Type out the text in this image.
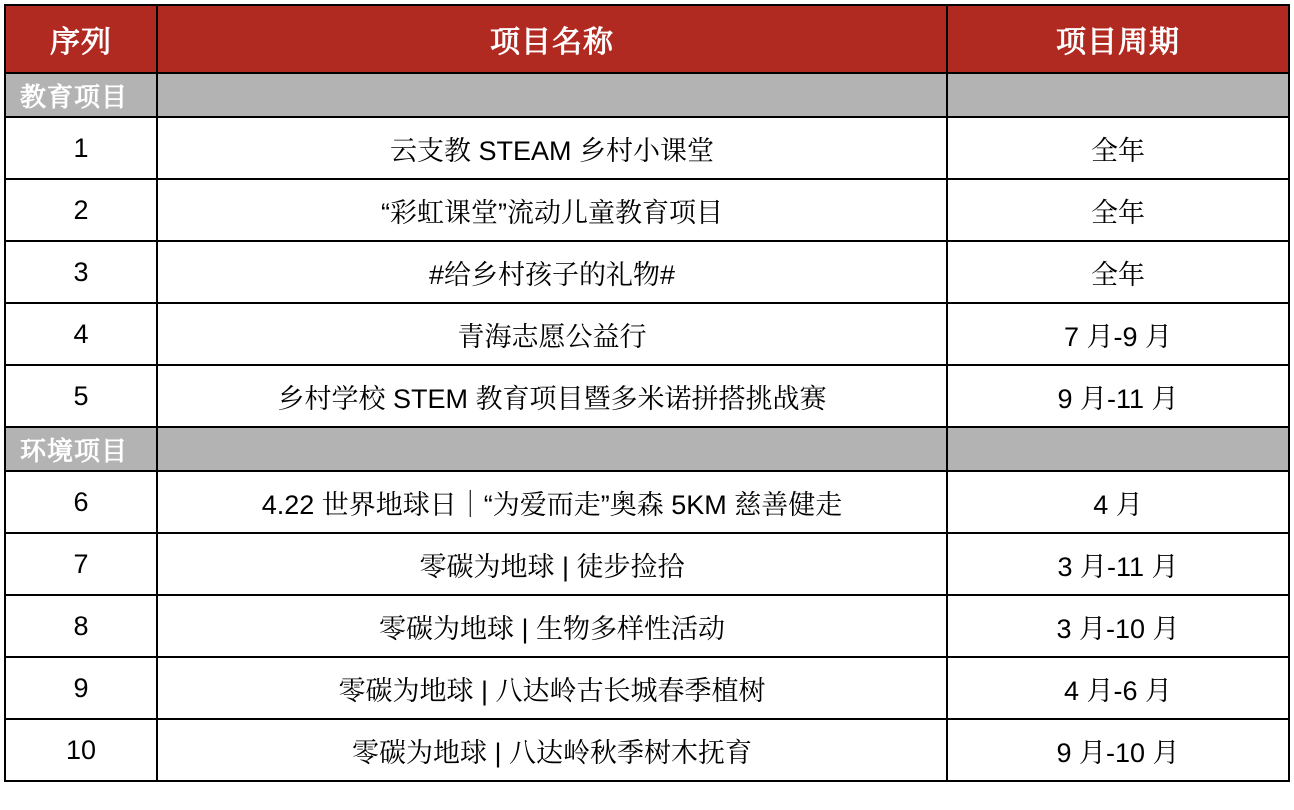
序列	项目名称	项目周期
教育项目		
1	云支教 STEAM 乡村小课堂	全年
2	“彩虹课堂”流动儿童教育项目	全年
3	#给乡村孩子的礼物#	全年
4	青海志愿公益行	7 月-9 月
5	乡村学校 STEM 教育项目暨多米诺拼搭挑战赛	9 月-11 月
环境项目		
6	4.22 世界地球日｜“为爱而走”奥森 5KM 慈善健走	4 月
7	零碳为地球 | 徒步捡拾	3 月-11 月
8	零碳为地球 | 生物多样性活动	3 月-10 月
9	零碳为地球 | 八达岭古长城春季植树	4 月-6 月
10	零碳为地球 | 八达岭秋季树木抚育	9 月-10 月
